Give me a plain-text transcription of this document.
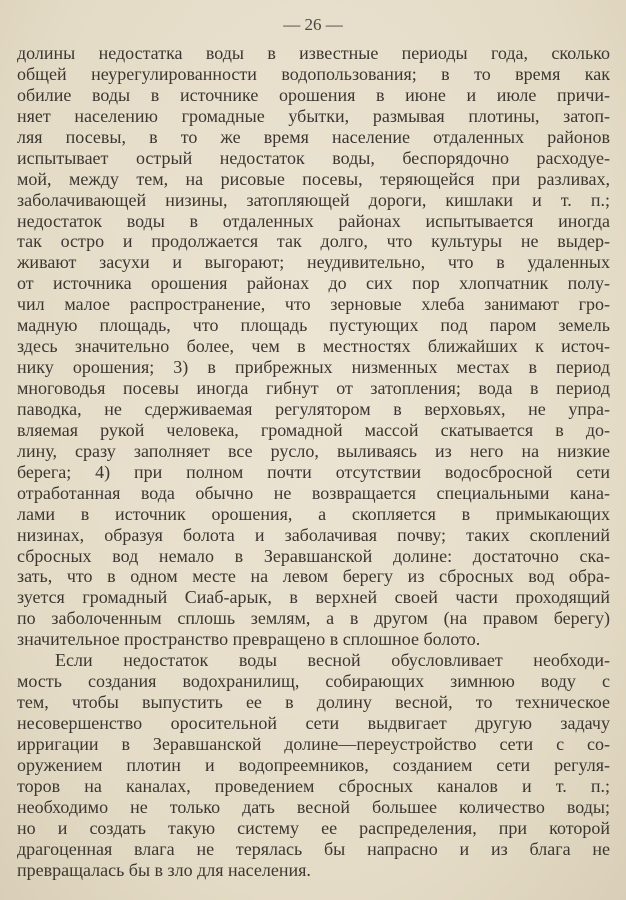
— 26 —
долины недостатка воды в известные периоды года, сколько
общей неурегулированности водопользования; в то время как
обилие воды в источнике орошения в июне и июле причи-
няет населению громадные убытки, размывая плотины, затоп-
ляя посевы, в то же время население отдаленных районов
испытывает острый недостаток воды, беспорядочно расходуе-
мой, между тем, на рисовые посевы, теряющейся при разливах,
заболачивающей низины, затопляющей дороги, кишлаки и т. п.;
недостаток воды в отдаленных районах испытывается иногда
так остро и продолжается так долго, что культуры не выдер-
живают засухи и выгорают; неудивительно, что в удаленных
от источника орошения районах до сих пор хлопчатник полу-
чил малое распространение, что зерновые хлеба занимают гро-
мадную площадь, что площадь пустующих под паром земель
здесь значительно более, чем в местностях ближайших к источ-
нику орошения; 3) в прибрежных низменных местах в период
многоводья посевы иногда гибнут от затопления; вода в период
паводка, не сдерживаемая регулятором в верховьях, не упра-
вляемая рукой человека, громадной массой скатывается в до-
лину, сразу заполняет все русло, выливаясь из него на низкие
берега; 4) при полном почти отсутствии водосбросной сети
отработанная вода обычно не возвращается специальными кана-
лами в источник орошения, а скопляется в примыкающих
низинах, образуя болота и заболачивая почву; таких скоплений
сбросных вод немало в Зеравшанской долине: достаточно ска-
зать, что в одном месте на левом берегу из сбросных вод обра-
зуется громадный Сиаб-арык, в верхней своей части проходящий
по заболоченным сплошь землям, а в другом (на правом берегу)
значительное пространство превращено в сплошное болото.
Если недостаток воды весной обусловливает необходи-
мость создания водохранилищ, собирающих зимнюю воду с
тем, чтобы выпустить ее в долину весной, то техническое
несовершенство оросительной сети выдвигает другую задачу
ирригации в Зеравшанской долине—переустройство сети с со-
оружением плотин и водопреемников, созданием сети регуля-
торов на каналах, проведением сбросных каналов и т. п.;
необходимо не только дать весной большее количество воды;
но и создать такую систему ее распределения, при которой
драгоценная влага не терялась бы напрасно и из блага не
превращалась бы в зло для населения.
